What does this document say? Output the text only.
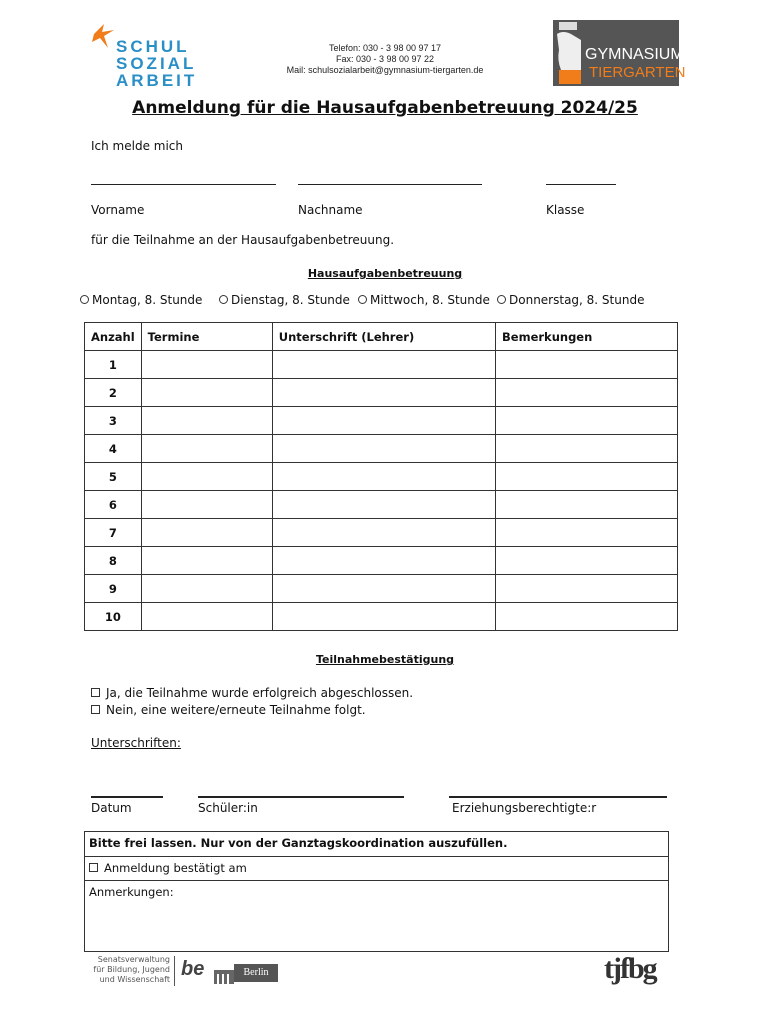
SCHUL
SOZIAL
ARBEIT
Telefon: 030 - 3 98 00 97 17
Fax: 030 - 3 98 00 97 22
Mail: schulsozialarbeit@gymnasium-tiergarten.de
GYMNASIUM
TIERGARTEN
Anmeldung für die Hausaufgabenbetreuung 2024/25
Ich melde mich
Vorname	Nachname	Klasse
für die Teilnahme an der Hausaufgabenbetreuung.
Hausaufgabenbetreuung
Montag, 8. Stunde	Dienstag, 8. Stunde	Mittwoch, 8. Stunde	Donnerstag, 8. Stunde
Anzahl	Termine	Unterschrift (Lehrer)	Bemerkungen
1			
2			
3			
4			
5			
6			
7			
8			
9			
10			
Teilnahmebestätigung
Ja, die Teilnahme wurde erfolgreich abgeschlossen.
Nein, eine weitere/erneute Teilnahme folgt.
Unterschriften:
Datum	Schüler:in	Erziehungsberechtigte:r
Bitte frei lassen. Nur von der Ganztagskoordination auszufüllen.
Anmeldung bestätigt am
Anmerkungen:
Senatsverwaltung
für Bildung, Jugend
und Wissenschaft be	Berlin	tjfbg
